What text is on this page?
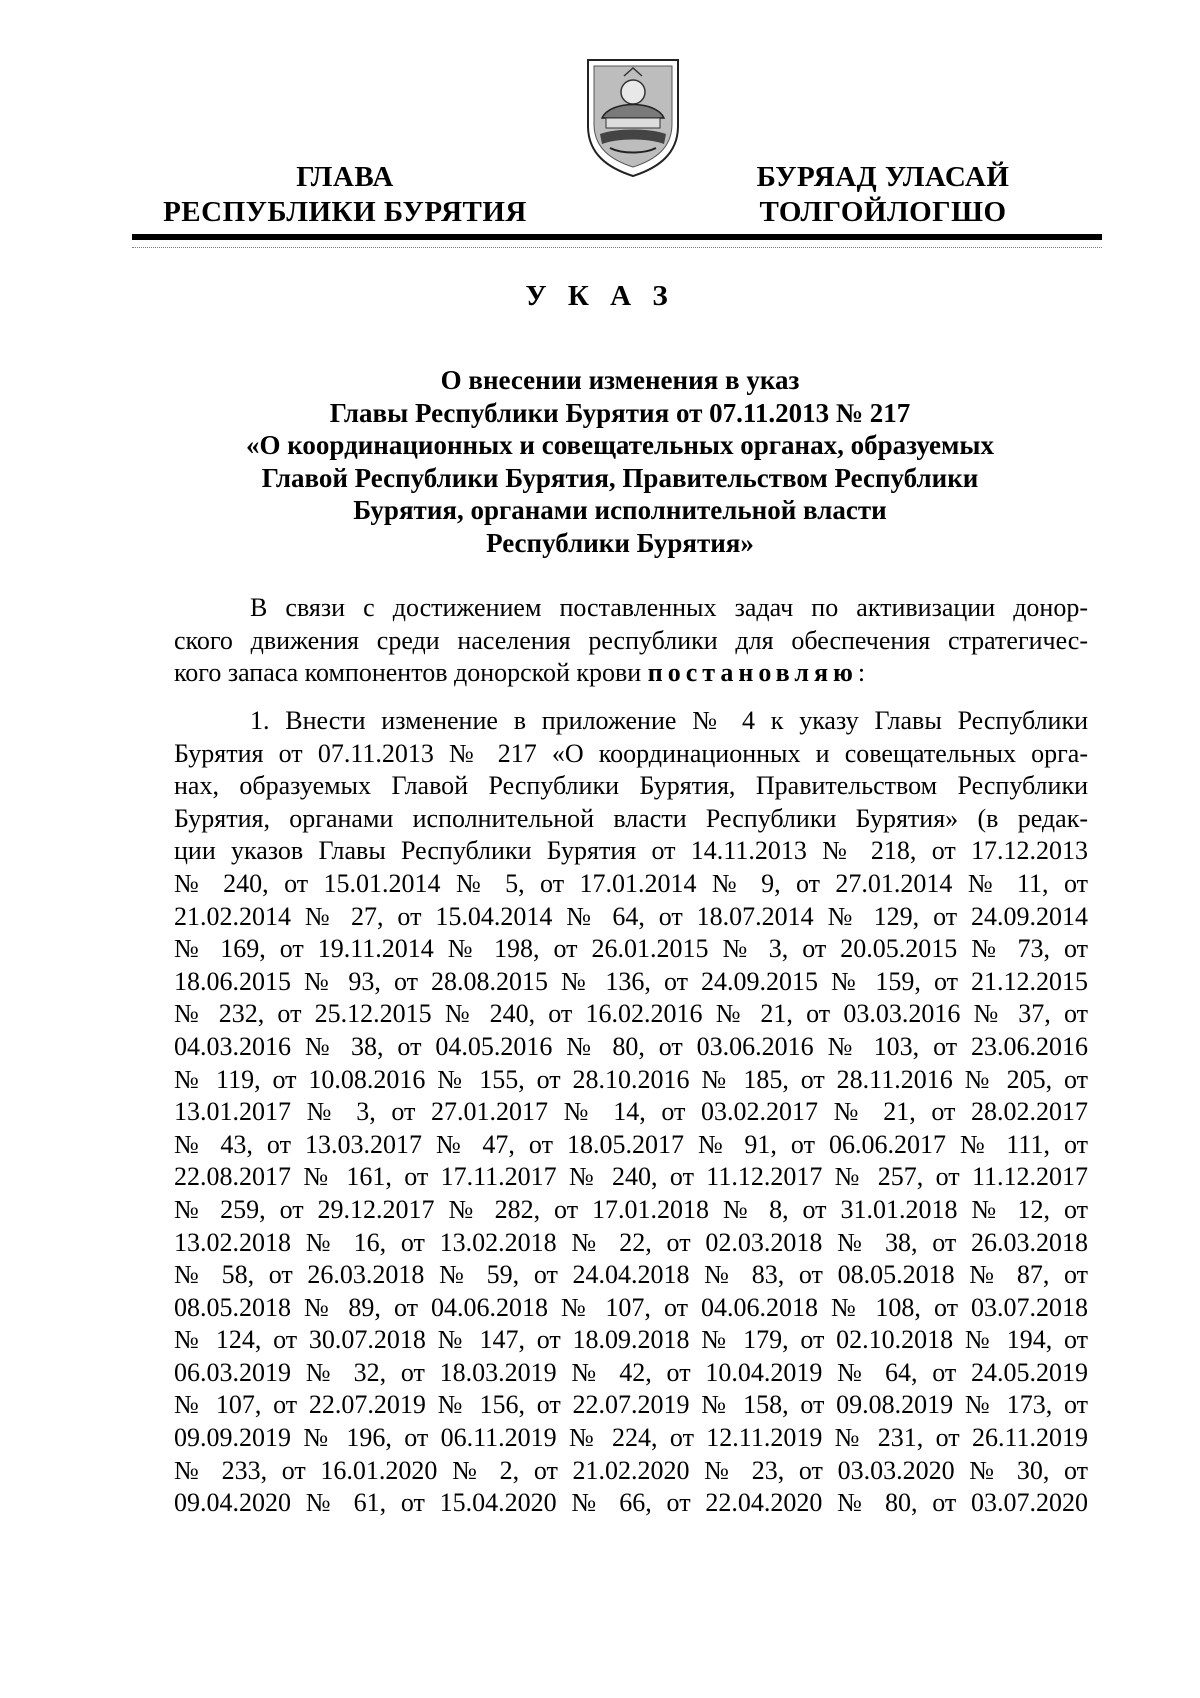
ГЛАВА
РЕСПУБЛИКИ БУРЯТИЯ
БУРЯАД УЛАСАЙ
ТОЛГОЙЛОГШО
У К А З
О внесении изменения в указ
Главы Республики Бурятия от 07.11.2013 № 217
«О координационных и совещательных органах, образуемых
Главой Республики Бурятия, Правительством Республики
Бурятия, органами исполнительной власти
Республики Бурятия»
В связи с достижением поставленных задач по активизации донор-
ского движения среди населения республики для обеспечения стратегичес-
кого запаса компонентов донорской крови постановляю:
1. Внести изменение в приложение № 4 к указу Главы Республики
Бурятия от 07.11.2013 № 217 «О координационных и совещательных орга-
нах, образуемых Главой Республики Бурятия, Правительством Республики
Бурятия, органами исполнительной власти Республики Бурятия» (в редак-
ции указов Главы Республики Бурятия от 14.11.2013 № 218, от 17.12.2013
№ 240, от 15.01.2014 № 5, от 17.01.2014 № 9, от 27.01.2014 № 11, от
21.02.2014 № 27, от 15.04.2014 № 64, от 18.07.2014 № 129, от 24.09.2014
№ 169, от 19.11.2014 № 198, от 26.01.2015 № 3, от 20.05.2015 № 73, от
18.06.2015 № 93, от 28.08.2015 № 136, от 24.09.2015 № 159, от 21.12.2015
№ 232, от 25.12.2015 № 240, от 16.02.2016 № 21, от 03.03.2016 № 37, от
04.03.2016 № 38, от 04.05.2016 № 80, от 03.06.2016 № 103, от 23.06.2016
№ 119, от 10.08.2016 № 155, от 28.10.2016 № 185, от 28.11.2016 № 205, от
13.01.2017 № 3, от 27.01.2017 № 14, от 03.02.2017 № 21, от 28.02.2017
№ 43, от 13.03.2017 № 47, от 18.05.2017 № 91, от 06.06.2017 № 111, от
22.08.2017 № 161, от 17.11.2017 № 240, от 11.12.2017 № 257, от 11.12.2017
№ 259, от 29.12.2017 № 282, от 17.01.2018 № 8, от 31.01.2018 № 12, от
13.02.2018 № 16, от 13.02.2018 № 22, от 02.03.2018 № 38, от 26.03.2018
№ 58, от 26.03.2018 № 59, от 24.04.2018 № 83, от 08.05.2018 № 87, от
08.05.2018 № 89, от 04.06.2018 № 107, от 04.06.2018 № 108, от 03.07.2018
№ 124, от 30.07.2018 № 147, от 18.09.2018 № 179, от 02.10.2018 № 194, от
06.03.2019 № 32, от 18.03.2019 № 42, от 10.04.2019 № 64, от 24.05.2019
№ 107, от 22.07.2019 № 156, от 22.07.2019 № 158, от 09.08.2019 № 173, от
09.09.2019 № 196, от 06.11.2019 № 224, от 12.11.2019 № 231, от 26.11.2019
№ 233, от 16.01.2020 № 2, от 21.02.2020 № 23, от 03.03.2020 № 30, от
09.04.2020 № 61, от 15.04.2020 № 66, от 22.04.2020 № 80, от 03.07.2020
